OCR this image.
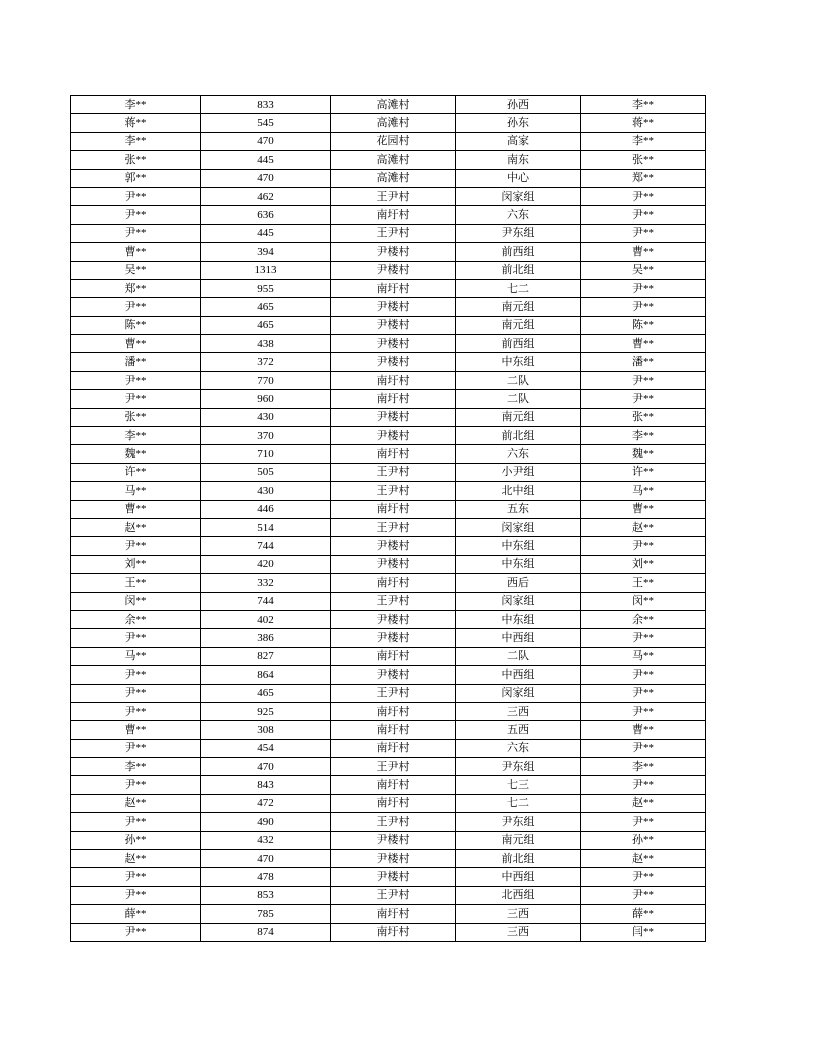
李**	833	高滩村	孙西	李**
蒋**	545	高滩村	孙东	蒋**
李**	470	花园村	高家	李**
张**	445	高滩村	南东	张**
郭**	470	高滩村	中心	郑**
尹**	462	王尹村	闵家组	尹**
尹**	636	南圩村	六东	尹**
尹**	445	王尹村	尹东组	尹**
曹**	394	尹楼村	前西组	曹**
吴**	1313	尹楼村	前北组	吴**
郑**	955	南圩村	七二	尹**
尹**	465	尹楼村	南元组	尹**
陈**	465	尹楼村	南元组	陈**
曹**	438	尹楼村	前西组	曹**
潘**	372	尹楼村	中东组	潘**
尹**	770	南圩村	二队	尹**
尹**	960	南圩村	二队	尹**
张**	430	尹楼村	南元组	张**
李**	370	尹楼村	前北组	李**
魏**	710	南圩村	六东	魏**
许**	505	王尹村	小尹组	许**
马**	430	王尹村	北中组	马**
曹**	446	南圩村	五东	曹**
赵**	514	王尹村	闵家组	赵**
尹**	744	尹楼村	中东组	尹**
刘**	420	尹楼村	中东组	刘**
王**	332	南圩村	西后	王**
闵**	744	王尹村	闵家组	闵**
余**	402	尹楼村	中东组	余**
尹**	386	尹楼村	中西组	尹**
马**	827	南圩村	二队	马**
尹**	864	尹楼村	中西组	尹**
尹**	465	王尹村	闵家组	尹**
尹**	925	南圩村	三西	尹**
曹**	308	南圩村	五西	曹**
尹**	454	南圩村	六东	尹**
李**	470	王尹村	尹东组	李**
尹**	843	南圩村	七三	尹**
赵**	472	南圩村	七二	赵**
尹**	490	王尹村	尹东组	尹**
孙**	432	尹楼村	南元组	孙**
赵**	470	尹楼村	前北组	赵**
尹**	478	尹楼村	中西组	尹**
尹**	853	王尹村	北西组	尹**
薛**	785	南圩村	三西	薛**
尹**	874	南圩村	三西	闫**
